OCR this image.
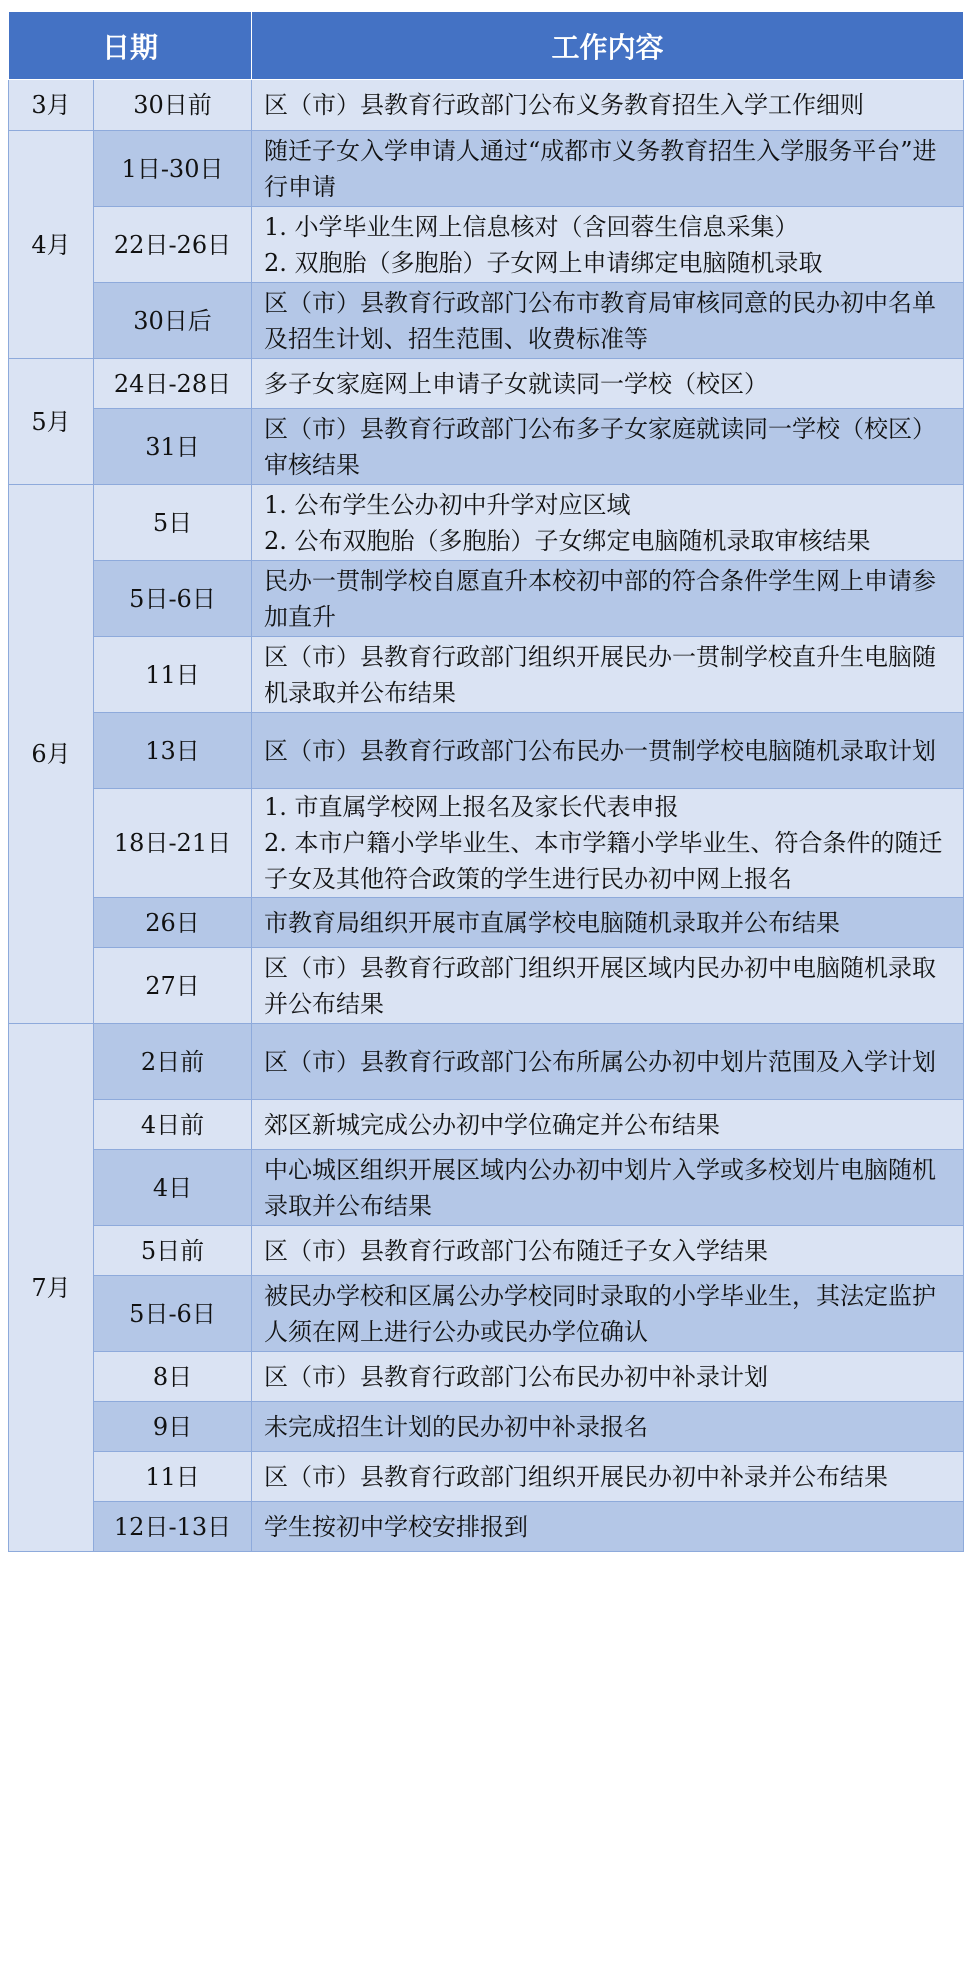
日期		工作内容
3月	30日前	区（市）县教育行政部门公布义务教育招生入学工作细则

4月	1日-30日	随迁子女入学申请人通过“成都市义务教育招生入学服务平台”进行申请

	22日-26日	1. 小学毕业生网上信息核对（含回蓉生信息采集）
2. 双胞胎（多胞胎）子女网上申请绑定电脑随机录取

	30日后	区（市）县教育行政部门公布市教育局审核同意的民办初中名单及招生计划、招生范围、收费标准等

5月	24日-28日	多子女家庭网上申请子女就读同一学校（校区）

	31日	区（市）县教育行政部门公布多子女家庭就读同一学校（校区）审核结果

6月	5日	1. 公布学生公办初中升学对应区域
2. 公布双胞胎（多胞胎）子女绑定电脑随机录取审核结果

	5日-6日	民办一贯制学校自愿直升本校初中部的符合条件学生网上申请参加直升

	11日	区（市）县教育行政部门组织开展民办一贯制学校直升生电脑随机录取并公布结果

	13日	区（市）县教育行政部门公布民办一贯制学校电脑随机录取计划

	18日-21日	1. 市直属学校网上报名及家长代表申报
2. 本市户籍小学毕业生、本市学籍小学毕业生、符合条件的随迁子女及其他符合政策的学生进行民办初中网上报名

	26日	市教育局组织开展市直属学校电脑随机录取并公布结果

	27日	区（市）县教育行政部门组织开展区域内民办初中电脑随机录取并公布结果

7月	2日前	区（市）县教育行政部门公布所属公办初中划片范围及入学计划

	4日前	郊区新城完成公办初中学位确定并公布结果

	4日	中心城区组织开展区域内公办初中划片入学或多校划片电脑随机录取并公布结果

	5日前	区（市）县教育行政部门公布随迁子女入学结果

	5日-6日	被民办学校和区属公办学校同时录取的小学毕业生，其法定监护人须在网上进行公办或民办学位确认

	8日	区（市）县教育行政部门公布民办初中补录计划

	9日	未完成招生计划的民办初中补录报名

	11日	区（市）县教育行政部门组织开展民办初中补录并公布结果

	12日-13日	学生按初中学校安排报到
